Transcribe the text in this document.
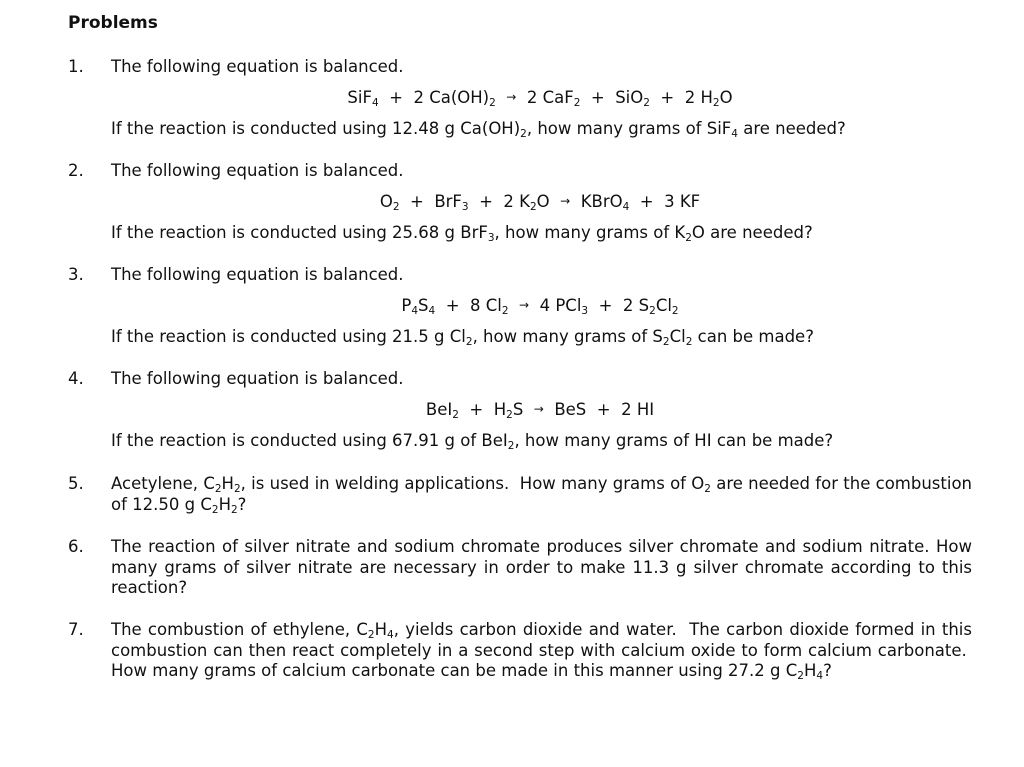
Problems
1. The following equation is balanced.
SiF$_4$  +  2 $Ca(OH)_2 \to 2$ CaF$_2$  +  SiO$_2$  +  2 $H_2O$
If the reaction is conducted using 12.48 g $Ca(OH)_2$, how many grams of SiF$_4$ are needed?
2. The following equation is balanced.
$O_2 + BrF_3 + 2$ $K_2O$  →  KBrO$_4$  +  3 KF
If the reaction is conducted using 25.68 g BrF$_3$, how many grams of $K_2O$ are needed?
3. The following equation is balanced.
$P_4S_4 + 8$ $Cl_2 \to 4$ PCl$_3$  +  2 $S_2Cl_2$
If the reaction is conducted using 21.5 g $Cl_2$, how many grams of $S_2Cl_2$ can be made?
4. The following equation is balanced.
$BeI_2 + H_2S$  →  BeS  +  2 HI
If the reaction is conducted using 67.91 g of BeI$_2$, how many grams of HI can be made?
5. Acetylene, $C_2H_2$, is used in welding applications.  How many grams of $O_2$ are needed for the combustion of 12.50 g $C_2H_2$?
6. The reaction of silver nitrate and sodium chromate produces silver chromate and sodium nitrate. How many grams of silver nitrate are necessary in order to make 11.3 g silver chromate according to this reaction?
7. The combustion of ethylene, $C_2H_4$, yields carbon dioxide and water.  The carbon dioxide formed in this combustion can then react completely in a second step with calcium oxide to form calcium carbonate.  How many grams of calcium carbonate can be made in this manner using 27.2 g $C_2H_4$?
